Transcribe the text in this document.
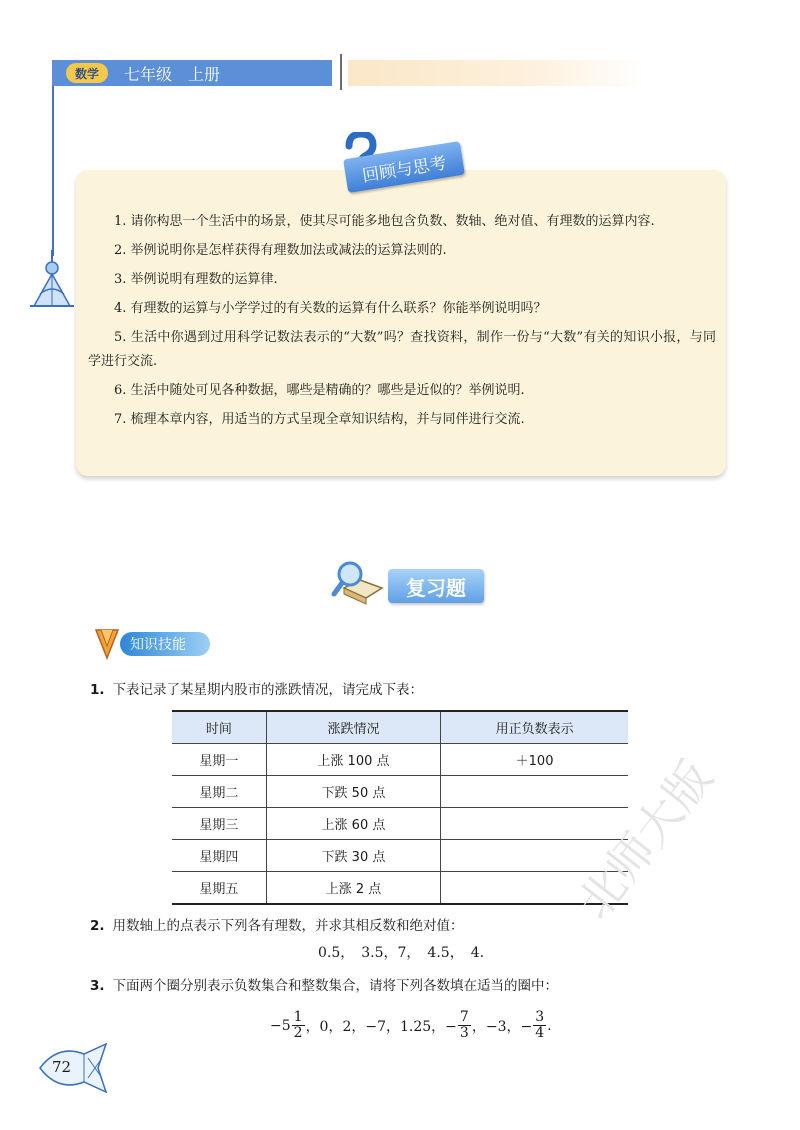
数学	七年级　上册
回顾与思考
1. 请你构思一个生活中的场景，使其尽可能多地包含负数、数轴、绝对值、有理数的运算内容.
2. 举例说明你是怎样获得有理数加法或减法的运算法则的.
3. 举例说明有理数的运算律.
4. 有理数的运算与小学学过的有关数的运算有什么联系？你能举例说明吗？
5. 生活中你遇到过用科学记数法表示的“大数”吗？查找资料，制作一份与“大数”有关的知识小报，与同学进行交流.
6. 生活中随处可见各种数据，哪些是精确的？哪些是近似的？举例说明.
7. 梳理本章内容，用适当的方式呈现全章知识结构，并与同伴进行交流.
复习题
知识技能
1. 下表记录了某星期内股市的涨跌情况，请完成下表：
时间	涨跌情况	用正负数表示
星期一	上涨 100 点	＋100
星期二	下跌 50 点	
星期三	上涨 60 点	
星期四	下跌 30 点	
星期五	上涨 2 点	
2. 用数轴上的点表示下列各有理数，并求其相反数和绝对值：
0.5，　3.5，7，　4.5，　4.
3. 下面两个圈分别表示负数集合和整数集合，请将下列各数填在适当的圈中：
$-5 \frac{1}{2}$ ，0，2，−7，1.25，− $\frac{7}{3}$ ，−3，− $\frac{3}{4}$ .
北师大版
72
